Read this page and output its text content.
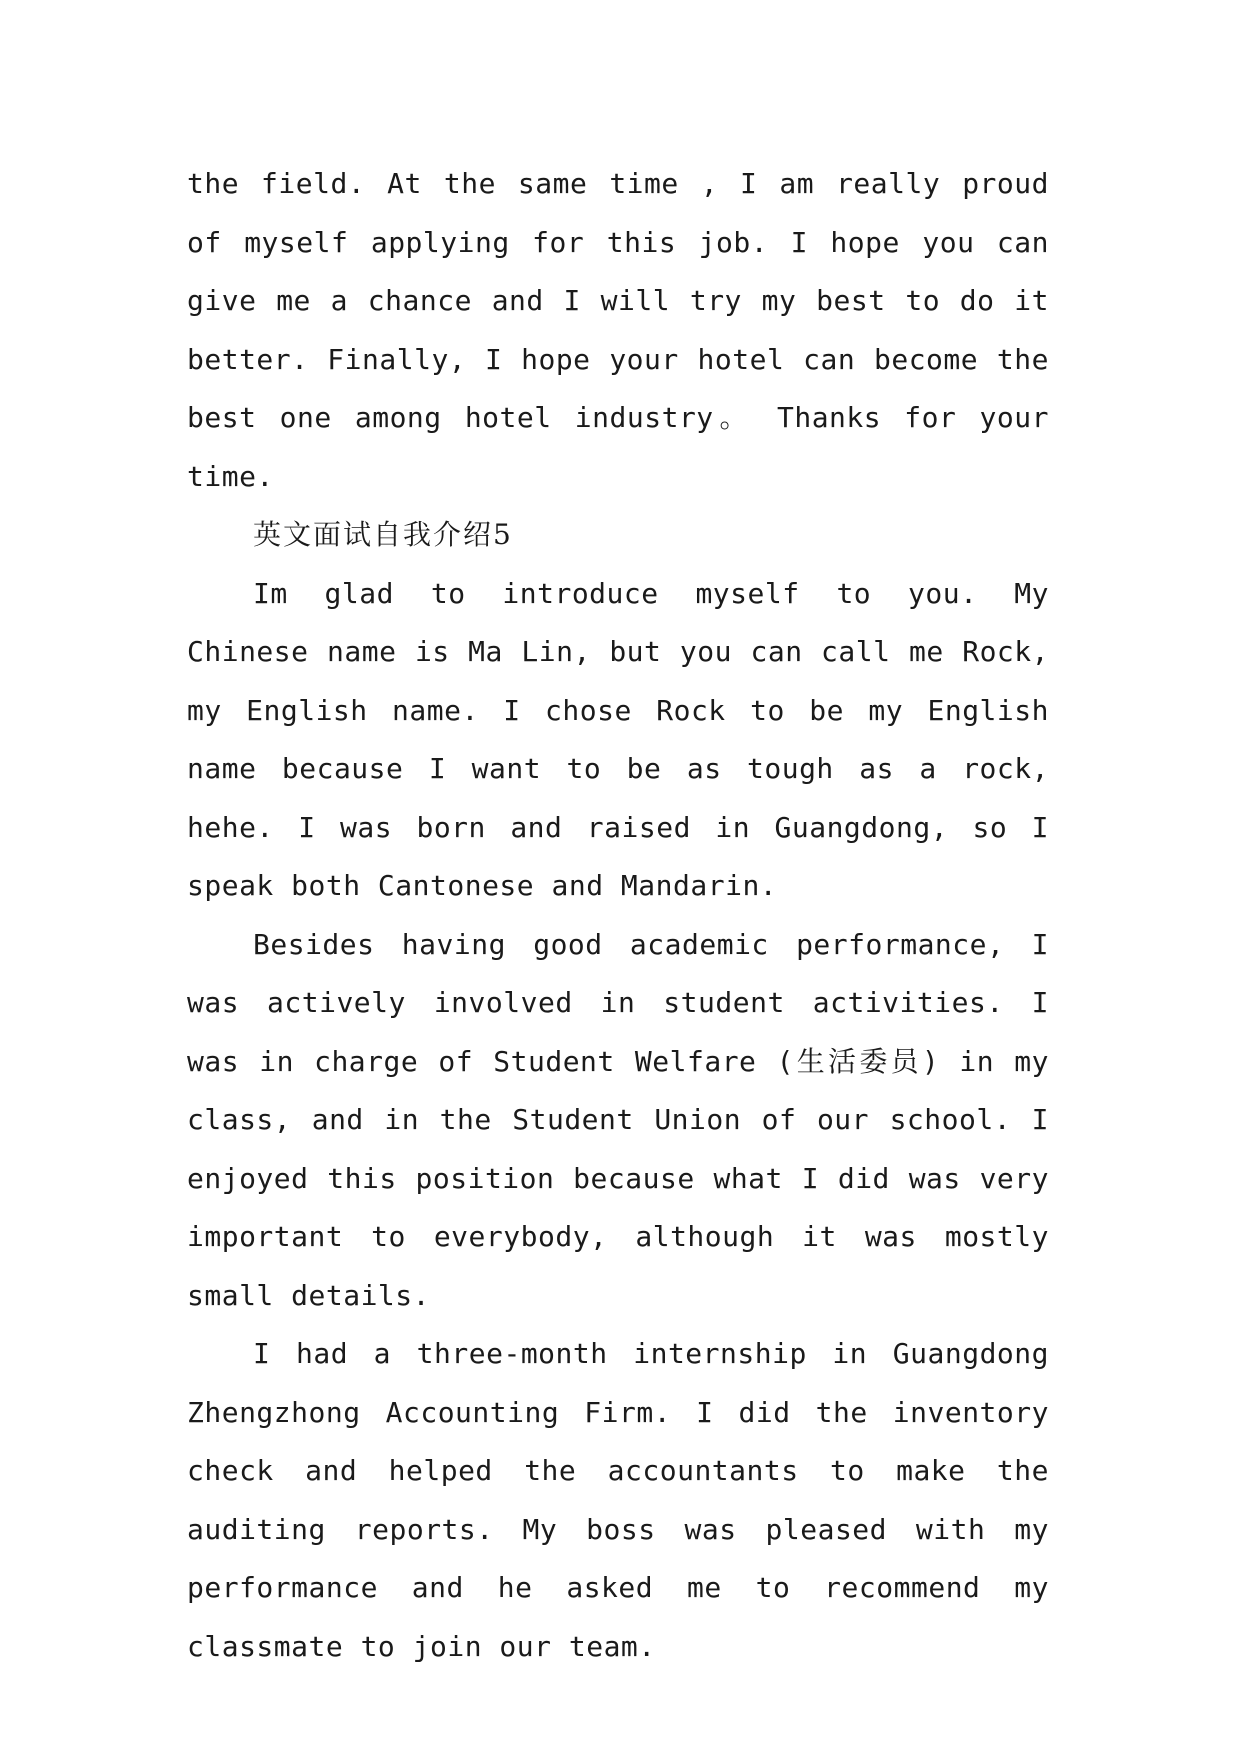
the field. At the same time , I am really proud of myself applying for this job. I hope you can give me a chance and I will try my best to do it better. Finally, I hope your hotel can become the best one among hotel industry。 Thanks for your time.

英文面试自我介绍5

Im glad to introduce myself to you. My Chinese name is Ma Lin, but you can call me Rock, my English name. I chose Rock to be my English name because I want to be as tough as a rock, hehe. I was born and raised in Guangdong, so I speak both Cantonese and Mandarin.

Besides having good academic performance, I was actively involved in student activities. I was in charge of Student Welfare (生活委员) in my class, and in the Student Union of our school. I enjoyed this position because what I did was very important to everybody, although it was mostly small details.

I had a three-month internship in Guangdong Zhengzhong Accounting Firm. I did the inventory check and helped the accountants to make the auditing reports. My boss was pleased with my performance and he asked me to recommend my classmate to join our team.
